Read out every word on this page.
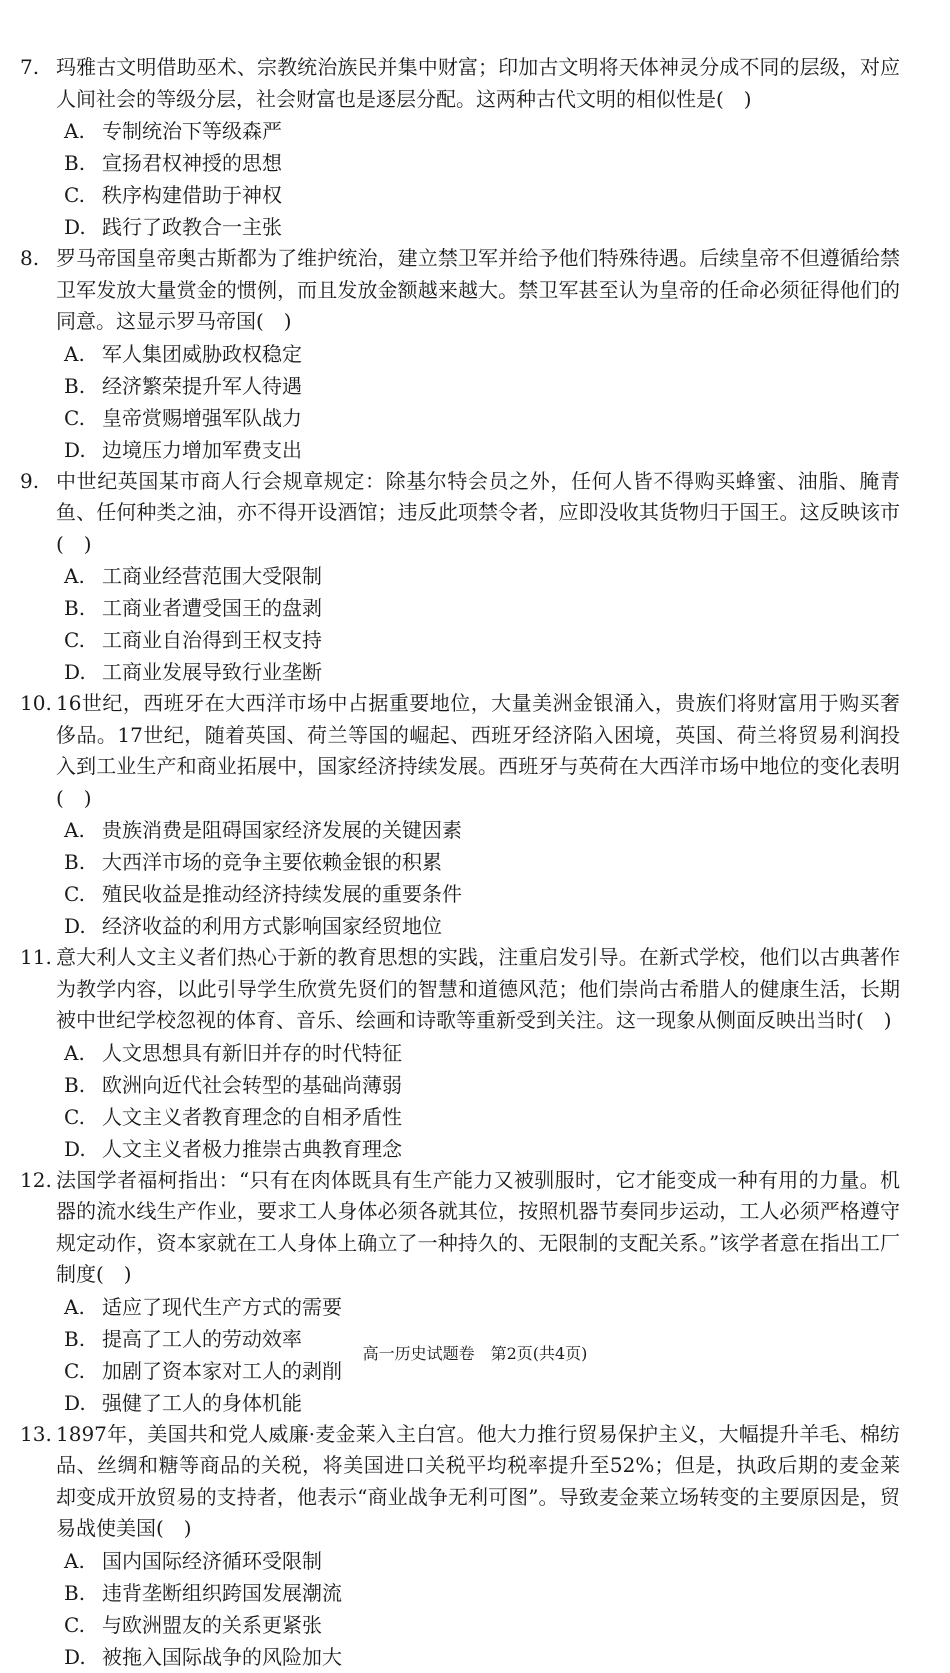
7. 玛雅古文明借助巫术、宗教统治族民并集中财富；印加古文明将天体神灵分成不同的层级，对应人间社会的等级分层，社会财富也是逐层分配。这两种古代文明的相似性是(　)
A. 专制统治下等级森严
B. 宣扬君权神授的思想
C. 秩序构建借助于神权
D. 践行了政教合一主张
8. 罗马帝国皇帝奥古斯都为了维护统治，建立禁卫军并给予他们特殊待遇。后续皇帝不但遵循给禁卫军发放大量赏金的惯例，而且发放金额越来越大。禁卫军甚至认为皇帝的任命必须征得他们的同意。这显示罗马帝国(　)
A. 军人集团威胁政权稳定
B. 经济繁荣提升军人待遇
C. 皇帝赏赐增强军队战力
D. 边境压力增加军费支出
9. 中世纪英国某市商人行会规章规定：除基尔特会员之外，任何人皆不得购买蜂蜜、油脂、腌青鱼、任何种类之油，亦不得开设酒馆；违反此项禁令者，应即没收其货物归于国王。这反映该市(　)
A. 工商业经营范围大受限制
B. 工商业者遭受国王的盘剥
C. 工商业自治得到王权支持
D. 工商业发展导致行业垄断
10. 16世纪，西班牙在大西洋市场中占据重要地位，大量美洲金银涌入，贵族们将财富用于购买奢侈品。17世纪，随着英国、荷兰等国的崛起、西班牙经济陷入困境，英国、荷兰将贸易利润投入到工业生产和商业拓展中，国家经济持续发展。西班牙与英荷在大西洋市场中地位的变化表明(　)
A. 贵族消费是阻碍国家经济发展的关键因素
B. 大西洋市场的竞争主要依赖金银的积累
C. 殖民收益是推动经济持续发展的重要条件
D. 经济收益的利用方式影响国家经贸地位
11. 意大利人文主义者们热心于新的教育思想的实践，注重启发引导。在新式学校，他们以古典著作为教学内容，以此引导学生欣赏先贤们的智慧和道德风范；他们崇尚古希腊人的健康生活，长期被中世纪学校忽视的体育、音乐、绘画和诗歌等重新受到关注。这一现象从侧面反映出当时(　)
A. 人文思想具有新旧并存的时代特征
B. 欧洲向近代社会转型的基础尚薄弱
C. 人文主义者教育理念的自相矛盾性
D. 人文主义者极力推崇古典教育理念
12. 法国学者福柯指出：“只有在肉体既具有生产能力又被驯服时，它才能变成一种有用的力量。机器的流水线生产作业，要求工人身体必须各就其位，按照机器节奏同步运动，工人必须严格遵守规定动作，资本家就在工人身体上确立了一种持久的、无限制的支配关系。”该学者意在指出工厂制度(　)
A. 适应了现代生产方式的需要
B. 提高了工人的劳动效率
C. 加剧了资本家对工人的剥削
D. 强健了工人的身体机能
13. 1897年，美国共和党人威廉·麦金莱入主白宫。他大力推行贸易保护主义，大幅提升羊毛、棉纺品、丝绸和糖等商品的关税，将美国进口关税平均税率提升至52%；但是，执政后期的麦金莱却变成开放贸易的支持者，他表示“商业战争无利可图”。导致麦金莱立场转变的主要原因是，贸易战使美国(　)
A. 国内国际经济循环受限制
B. 违背垄断组织跨国发展潮流
C. 与欧洲盟友的关系更紧张
D. 被拖入国际战争的风险加大
高一历史试题卷　第2页(共4页)
